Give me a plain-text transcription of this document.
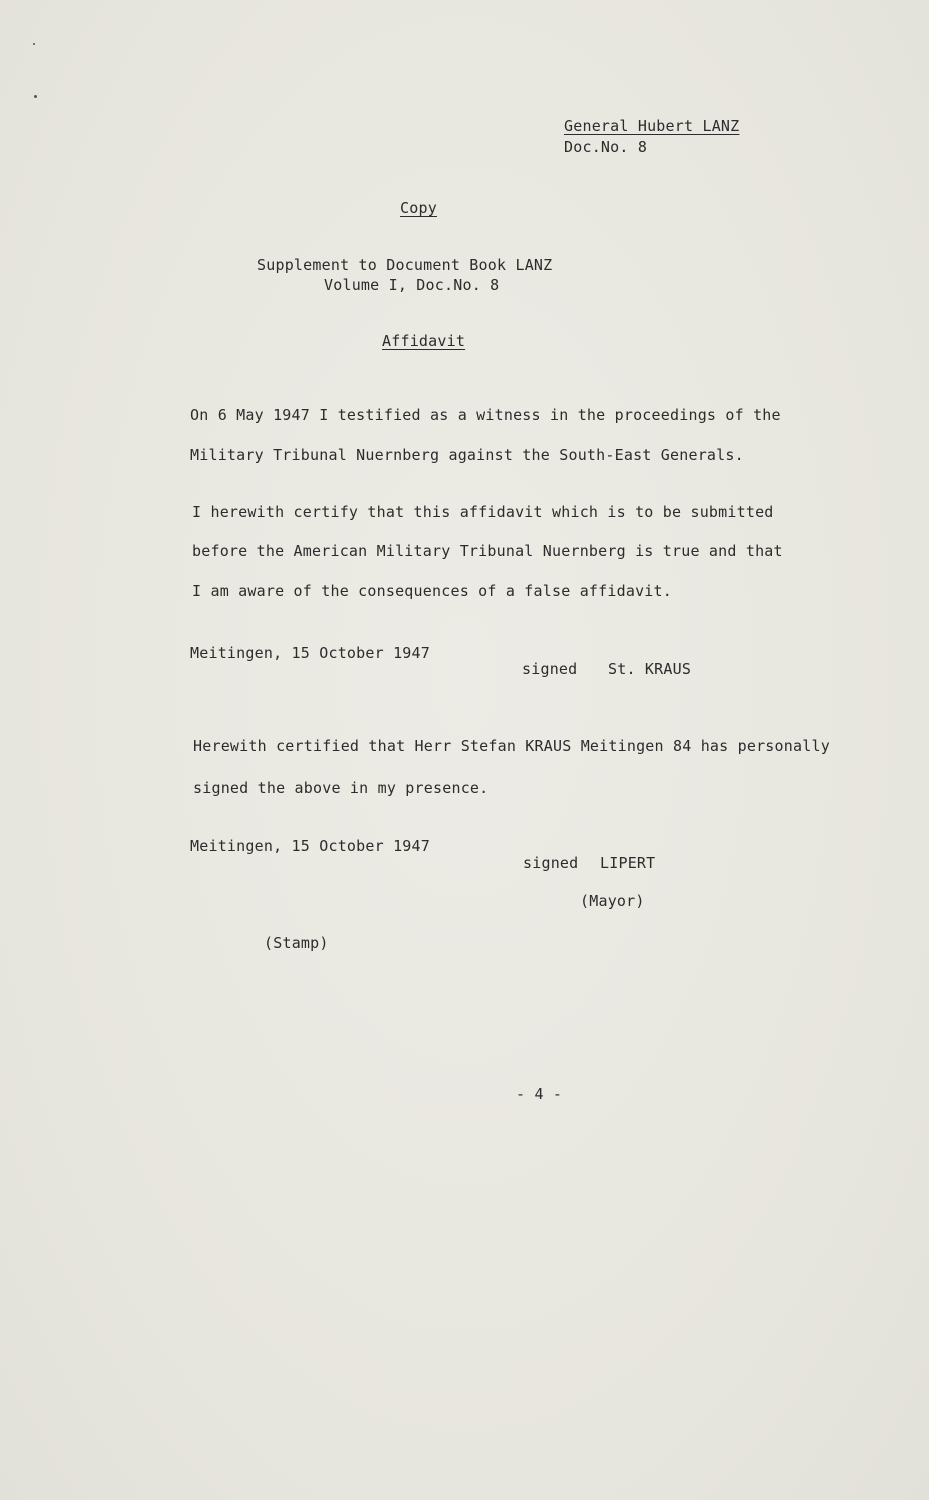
General Hubert LANZ
Doc.No. 8
Copy
Supplement to Document Book LANZ
Volume I, Doc.No. 8
Affidavit
On 6 May 1947 I testified as a witness in the proceedings of the
Military Tribunal Nuernberg against the South-East Generals.
I herewith certify that this affidavit which is to be submitted
before the American Military Tribunal Nuernberg is true and that
I am aware of the consequences of a false affidavit.
Meitingen, 15 October 1947
signed St. KRAUS
Herewith certified that Herr Stefan KRAUS Meitingen 84 has personally
signed the above in my presence.
Meitingen, 15 October 1947
signed LIPERT
(Mayor)
(Stamp)
- 4 -
